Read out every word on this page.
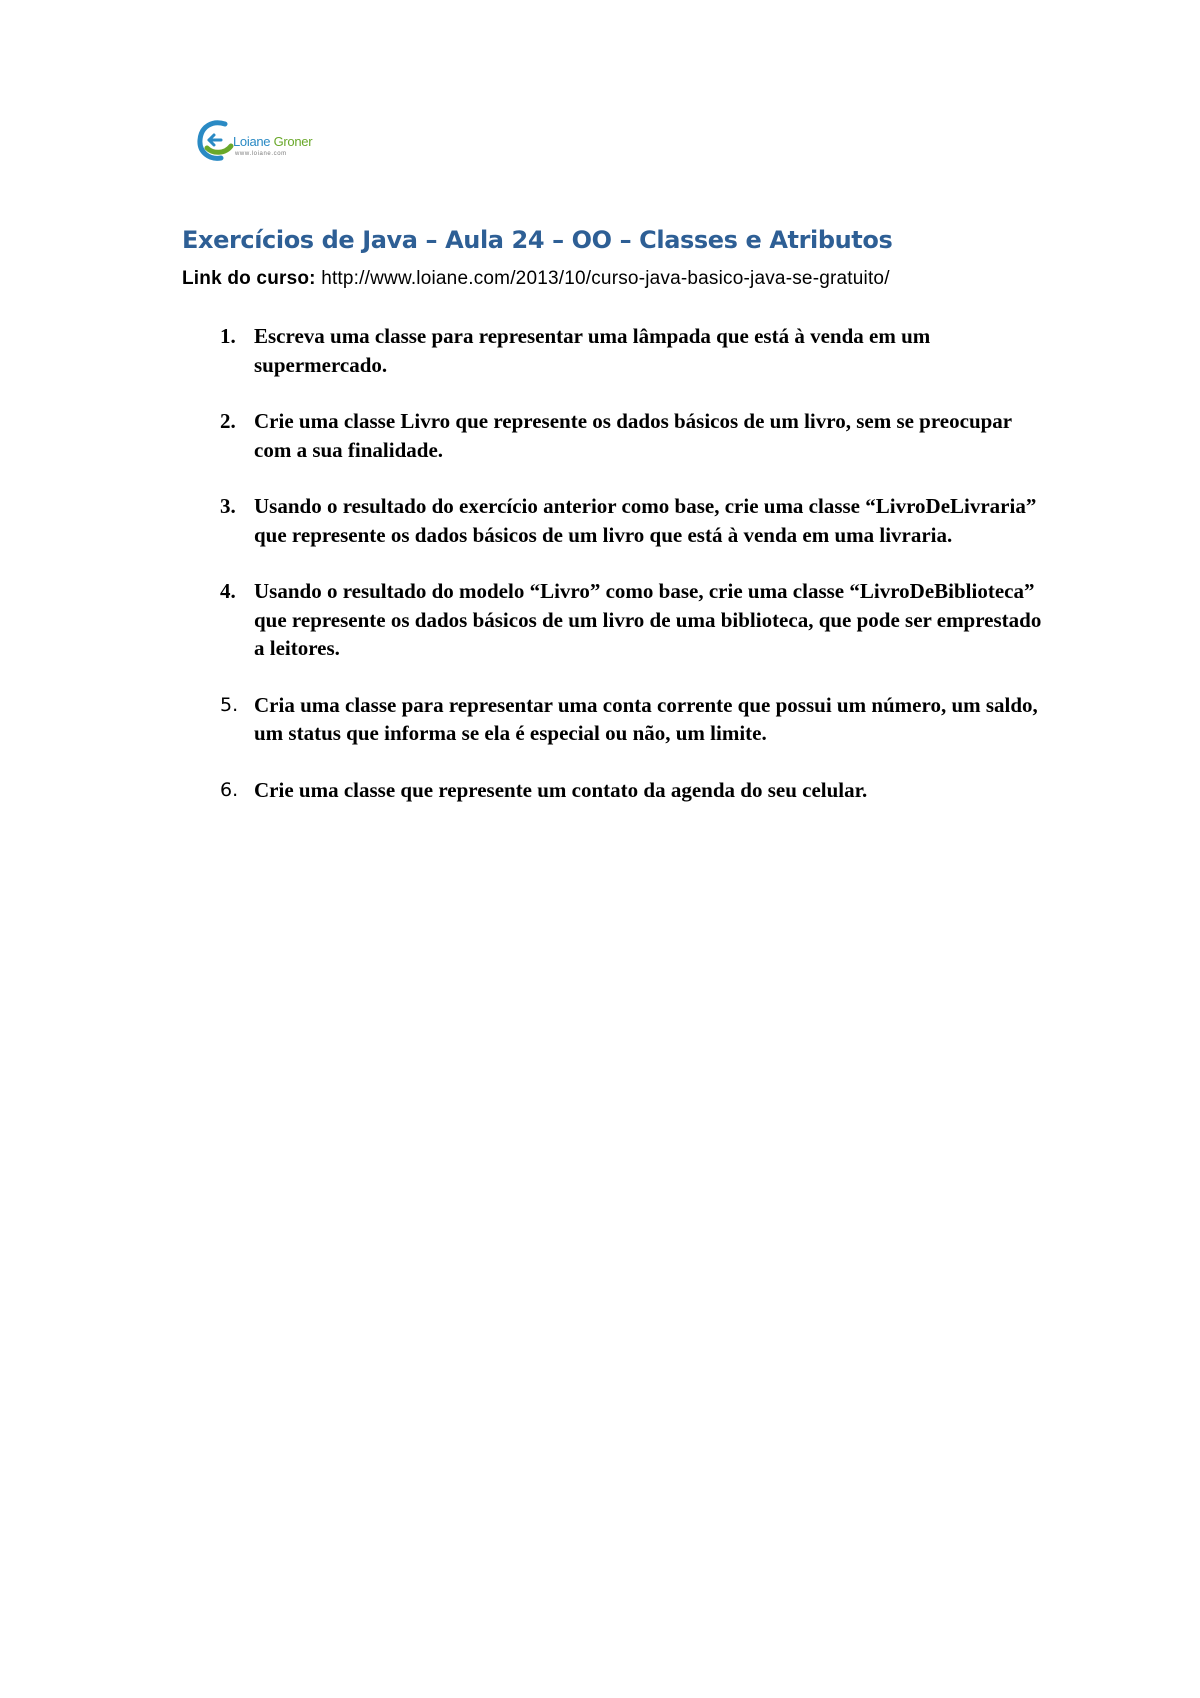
Loiane Groner
www.loiane.com
Exercícios de Java – Aula 24 – OO – Classes e Atributos
Link do curso: http://www.loiane.com/2013/10/curso-java-basico-java-se-gratuito/
1. Escreva uma classe para representar uma lâmpada que está à venda em um supermercado.
2. Crie uma classe Livro que represente os dados básicos de um livro, sem se preocupar com a sua finalidade.
3. Usando o resultado do exercício anterior como base, crie uma classe “LivroDeLivraria” que represente os dados básicos de um livro que está à venda em uma livraria.
4. Usando o resultado do modelo “Livro” como base, crie uma classe “LivroDeBiblioteca” que represente os dados básicos de um livro de uma biblioteca, que pode ser emprestado a leitores.
5. Cria uma classe para representar uma conta corrente que possui um número, um saldo, um status que informa se ela é especial ou não, um limite.
6. Crie uma classe que represente um contato da agenda do seu celular.
